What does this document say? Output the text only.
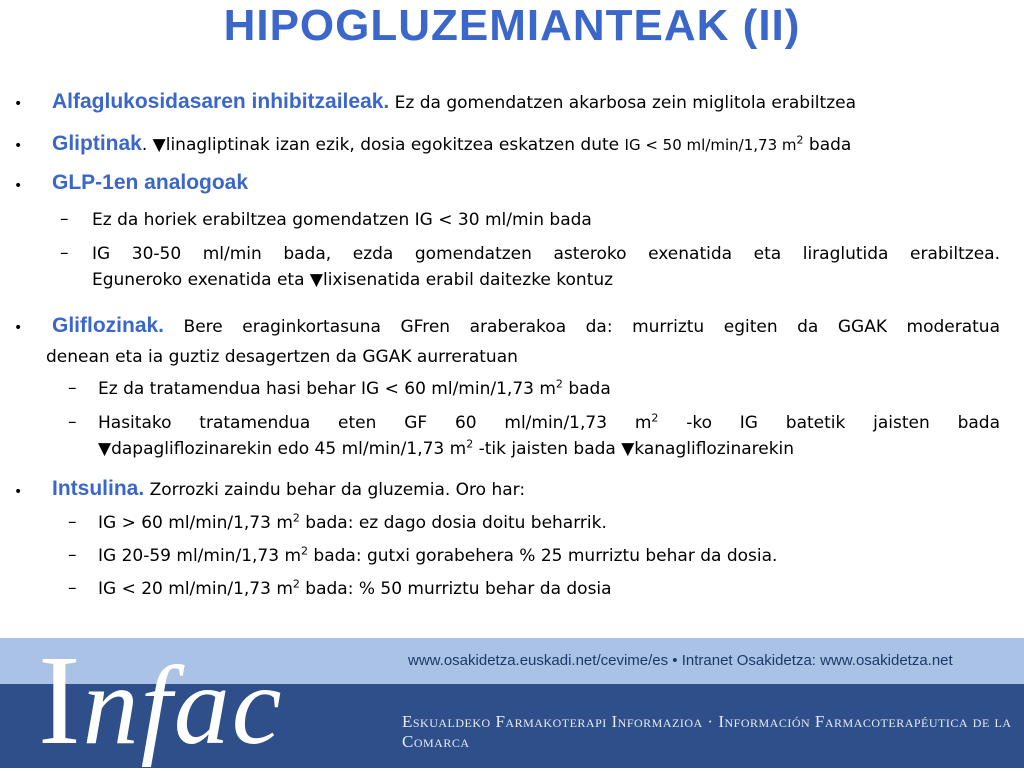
HIPOGLUZEMIANTEAK (II)
• Alfaglukosidasaren inhibitzaileak. Ez da gomendatzen akarbosa zein miglitola erabiltzea
• Gliptinak. ▼linagliptinak izan ezik, dosia egokitzea eskatzen dute IG < 50 ml/min/1,73 $m^2$ bada
• GLP-1en analogoak
– Ez da horiek erabiltzea gomendatzen IG < 30 ml/min bada
– IG 30-50 ml/min bada, ezda gomendatzen asteroko exenatida eta liraglutida erabiltzea.
Eguneroko exenatida eta ▼lixisenatida erabil daitezke kontuz
• Gliflozinak. Bere eraginkortasuna GFren araberakoa da: murriztu egiten da GGAK moderatua
denean eta ia guztiz desagertzen da GGAK aurreratuan
– Ez da tratamendua hasi behar IG < 60 ml/min/1,73 $m^2$ bada
– Hasitako tratamendua eten GF 60 ml/min/1,73 $m^2$ -ko IG batetik jaisten bada
▼dapagliflozinarekin edo 45 ml/min/1,73 $m^2$ -tik jaisten bada ▼kanagliflozinarekin
• Intsulina. Zorrozki zaindu behar da gluzemia. Oro har:
– IG > 60 ml/min/1,73 $m^2$ bada: ez dago dosia doitu beharrik.
– IG 20-59 ml/min/1,73 $m^2$ bada: gutxi gorabehera % 25 murriztu behar da dosia.
– IG < 20 ml/min/1,73 $m^2$ bada: % 50 murriztu behar da dosia
Infac	www.osakidetza.euskadi.net/cevime/es • Intranet Osakidetza: www.osakidetza.net
Eskualdeko Farmakoterapi Informazioa · Información Farmacoterapéutica de la Comarca
